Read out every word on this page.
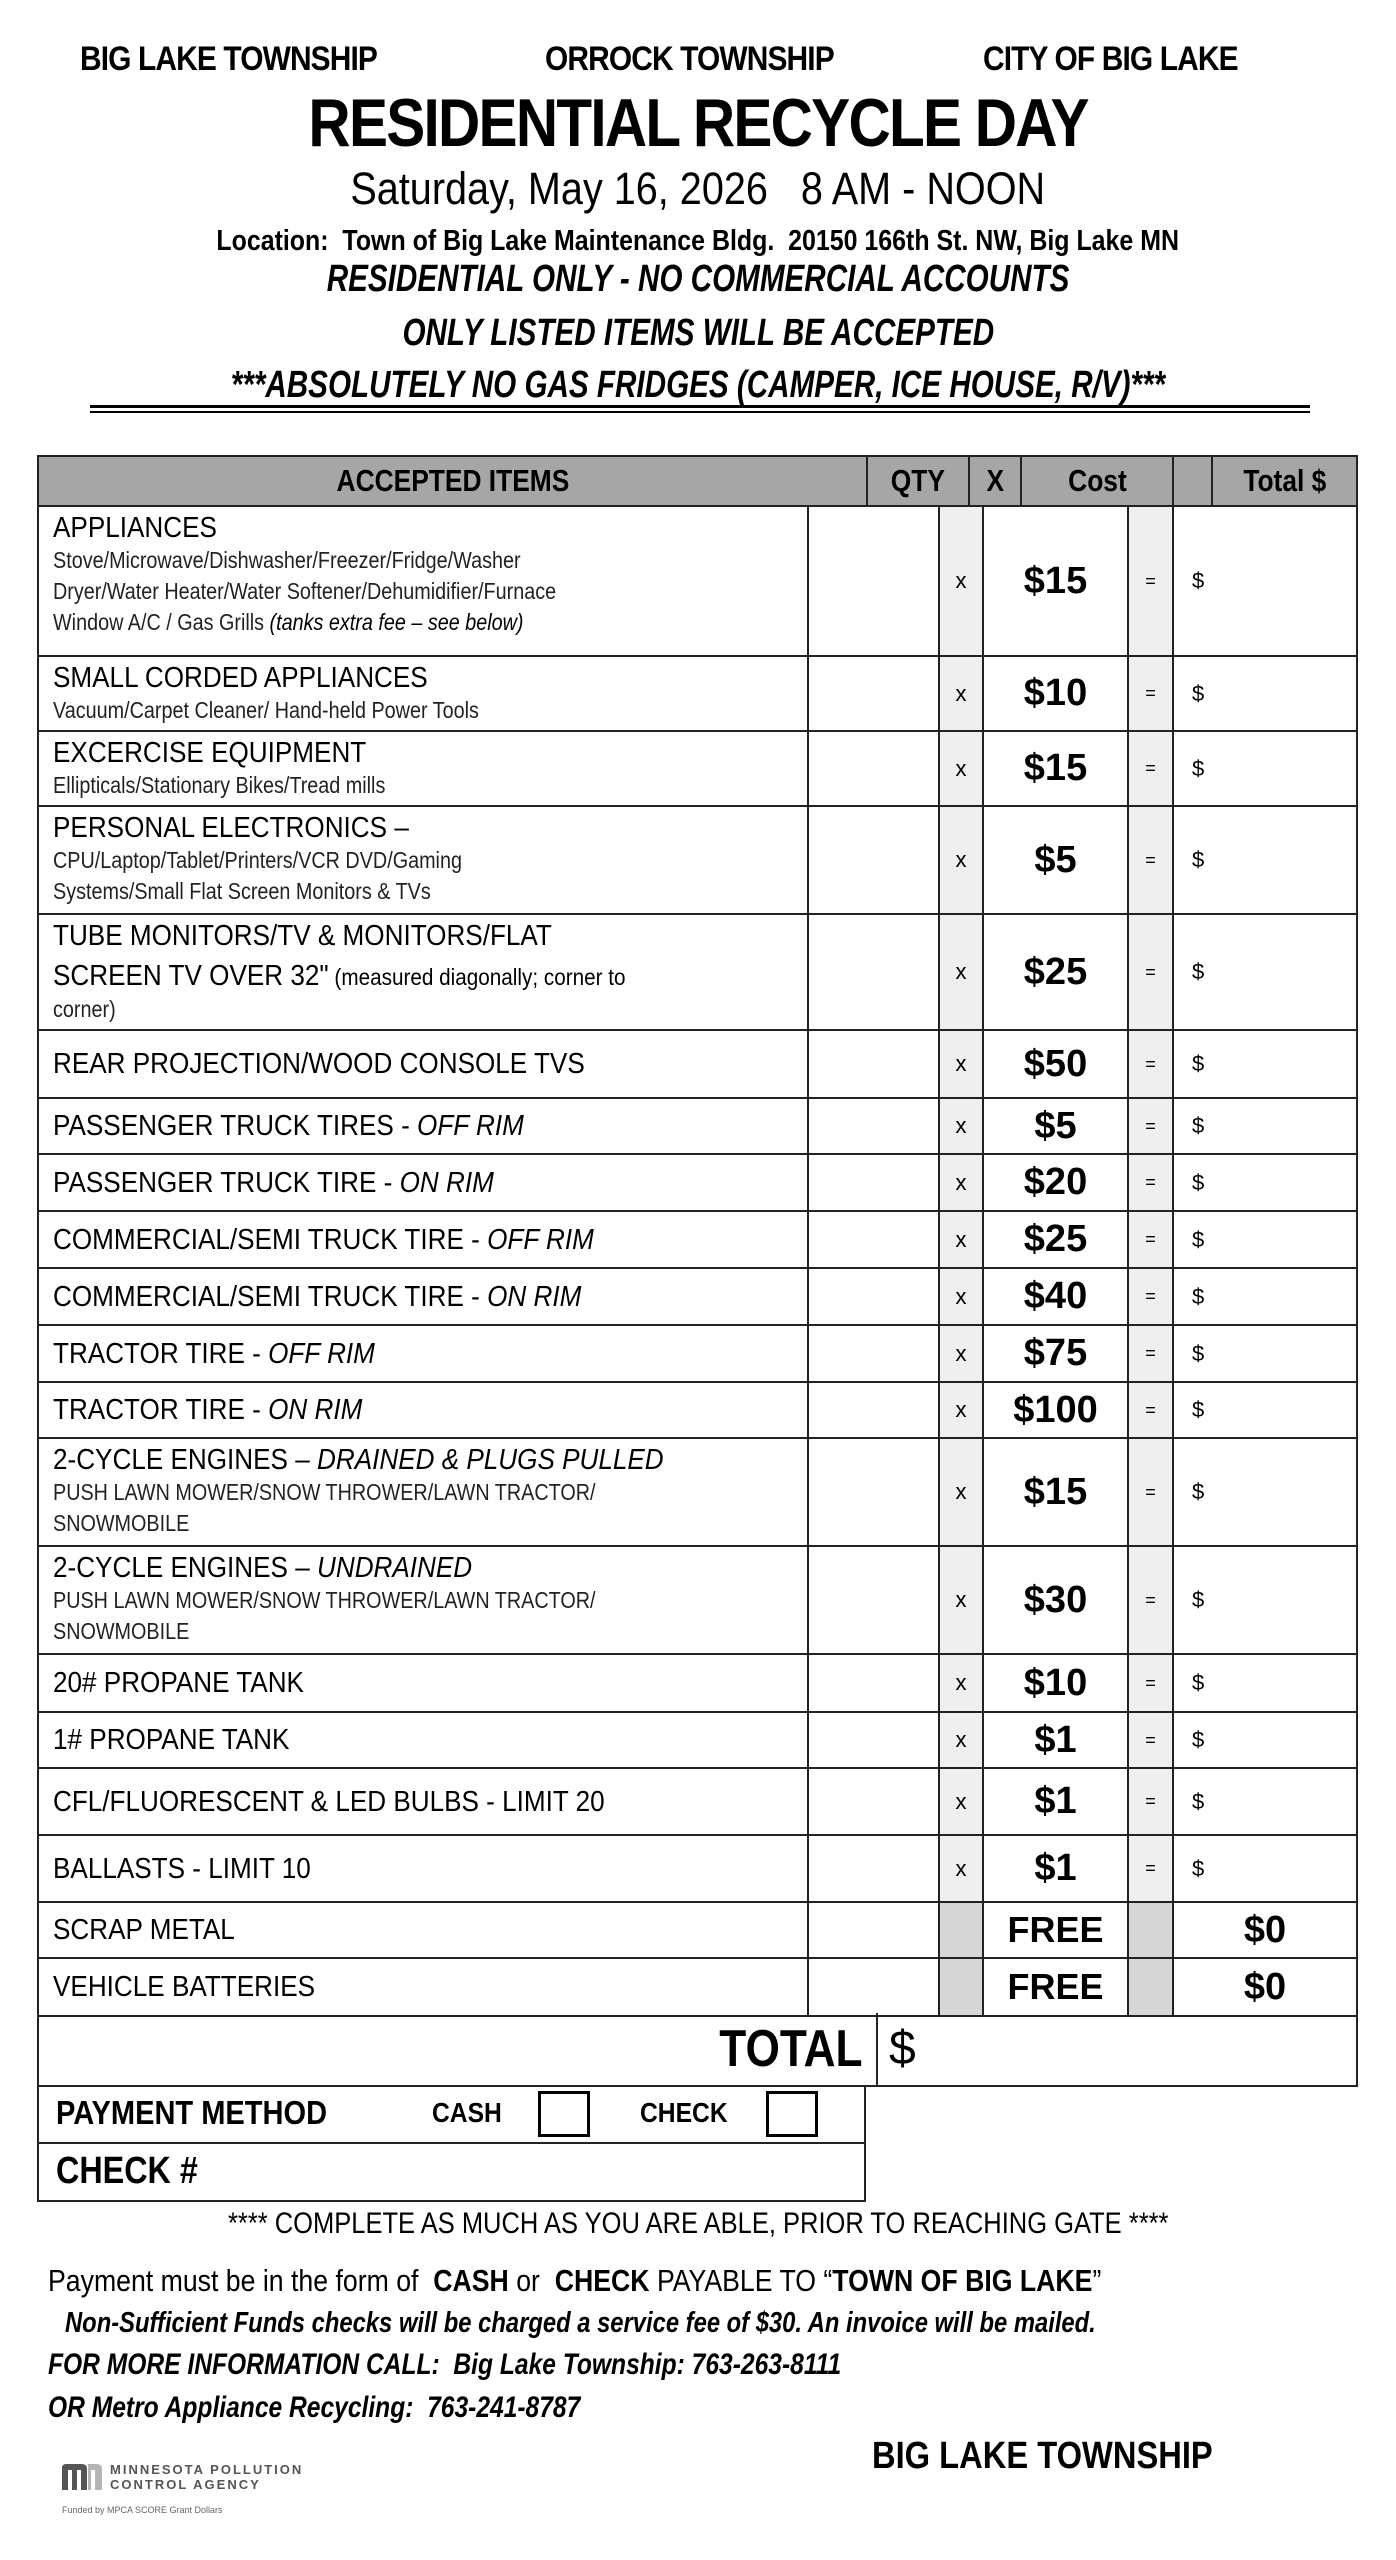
BIG LAKE TOWNSHIP	ORROCK TOWNSHIP	CITY OF BIG LAKE
RESIDENTIAL RECYCLE DAY
Saturday, May 16, 2026   8 AM - NOON
Location:  Town of Big Lake Maintenance Bldg.  20150 166th St. NW, Big Lake MN
RESIDENTIAL ONLY - NO COMMERCIAL ACCOUNTS
ONLY LISTED ITEMS WILL BE ACCEPTED
***ABSOLUTELY NO GAS FRIDGES (CAMPER, ICE HOUSE, R/V)***
ACCEPTED ITEMS	QTY	X	Cost	Total $
APPLIANCES
Stove/Microwave/Dishwasher/Freezer/Fridge/Washer
Dryer/Water Heater/Water Softener/Dehumidifier/Furnace
Window A/C / Gas Grills (tanks extra fee – see below)
x	$15	=	$
SMALL CORDED APPLIANCES
Vacuum/Carpet Cleaner/ Hand-held Power Tools
x	$10	=	$
EXCERCISE EQUIPMENT
Ellipticals/Stationary Bikes/Tread mills
x	$15	=	$
PERSONAL ELECTRONICS –
CPU/Laptop/Tablet/Printers/VCR DVD/Gaming
Systems/Small Flat Screen Monitors & TVs
x	$5	=	$
TUBE MONITORS/TV & MONITORS/FLAT
SCREEN TV OVER 32" (measured diagonally; corner to
corner)
x	$25	=	$
REAR PROJECTION/WOOD CONSOLE TVS	x	$50	=	$
PASSENGER TRUCK TIRES - OFF RIM	x	$5	=	$
PASSENGER TRUCK TIRE - ON RIM	x	$20	=	$
COMMERCIAL/SEMI TRUCK TIRE - OFF RIM	x	$25	=	$
COMMERCIAL/SEMI TRUCK TIRE - ON RIM	x	$40	=	$
TRACTOR TIRE - OFF RIM	x	$75	=	$
TRACTOR TIRE - ON RIM	x	$100	=	$
2-CYCLE ENGINES – DRAINED & PLUGS PULLED
PUSH LAWN MOWER/SNOW THROWER/LAWN TRACTOR/
SNOWMOBILE
x	$15	=	$
2-CYCLE ENGINES – UNDRAINED
PUSH LAWN MOWER/SNOW THROWER/LAWN TRACTOR/
SNOWMOBILE
x	$30	=	$
20# PROPANE TANK	x	$10	=	$
1# PROPANE TANK	x	$1	=	$
CFL/FLUORESCENT & LED BULBS - LIMIT 20	x	$1	=	$
BALLASTS - LIMIT 10	x	$1	=	$
SCRAP METAL	FREE	$0
VEHICLE BATTERIES	FREE	$0
TOTAL $
PAYMENT METHOD	CASH	CHECK
CHECK #
**** COMPLETE AS MUCH AS YOU ARE ABLE, PRIOR TO REACHING GATE ****
Payment must be in the form of  CASH or  CHECK PAYABLE TO “TOWN OF BIG LAKE”
Non-Sufficient Funds checks will be charged a service fee of $30. An invoice will be mailed.
FOR MORE INFORMATION CALL:  Big Lake Township: 763-263-8111
OR Metro Appliance Recycling:  763-241-8787
MINNESOTA POLLUTION
CONTROL AGENCY
Funded by MPCA SCORE Grant Dollars
BIG LAKE TOWNSHIP
